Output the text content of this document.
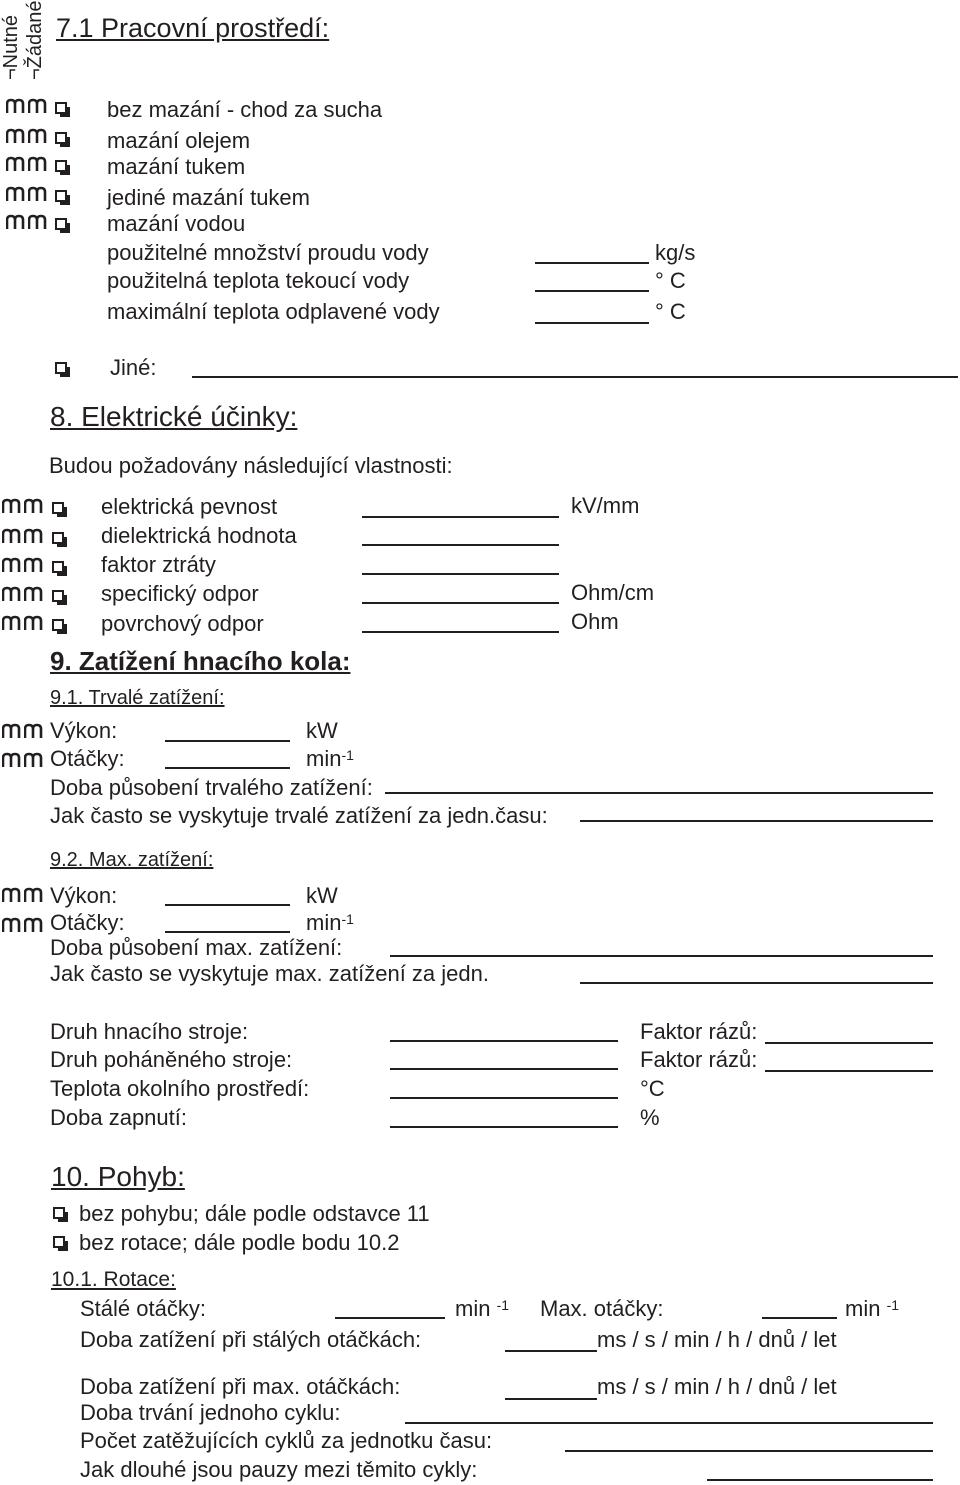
¬Nutné ¬Žádané 7.1 Pracovní prostředí:
bez mazání - chod za sucha
mazání olejem
mazání tukem
jediné mazání tukem
mazání vodou
použitelné množství proudu vody	kg/s
použitelná teplota tekoucí vody	° C
maximální teplota odplavené vody	° C
Jiné:
8. Elektrické účinky:
Budou požadovány následující vlastnosti:
elektrická pevnost	kV/mm
dielektrická hodnota
faktor ztráty
specifický odpor	Ohm/cm
povrchový odpor	Ohm
9. Zatížení hnacího kola:
9.1. Trvalé zatížení:
Výkon:	kW
Otáčky:	$\min^{-1}$
Doba působení trvalého zatížení:
Jak často se vyskytuje trvalé zatížení za jedn.času:
9.2. Max. zatížení:
Výkon:	kW
Otáčky:	$\min^{-1}$
Doba působení max. zatížení:
Jak často se vyskytuje max. zatížení za jedn.
Druh hnacího stroje:	Faktor rázů:
Druh poháněného stroje:	Faktor rázů:
Teplota okolního prostředí:	°C
Doba zapnutí:	%
10. Pohyb:
bez pohybu; dále podle odstavce 11
bez rotace; dále podle bodu 10.2
10.1. Rotace:
Stálé otáčky:	min $^{-1}$ Max. otáčky:	min $^{-1}$
Doba zatížení při stálých otáčkách:	ms / s / min / h / dnů / let
Doba zatížení při max. otáčkách:	ms / s / min / h / dnů / let
Doba trvání jednoho cyklu:
Počet zatěžujících cyklů za jednotku času:
Jak dlouhé jsou pauzy mezi těmito cykly:
